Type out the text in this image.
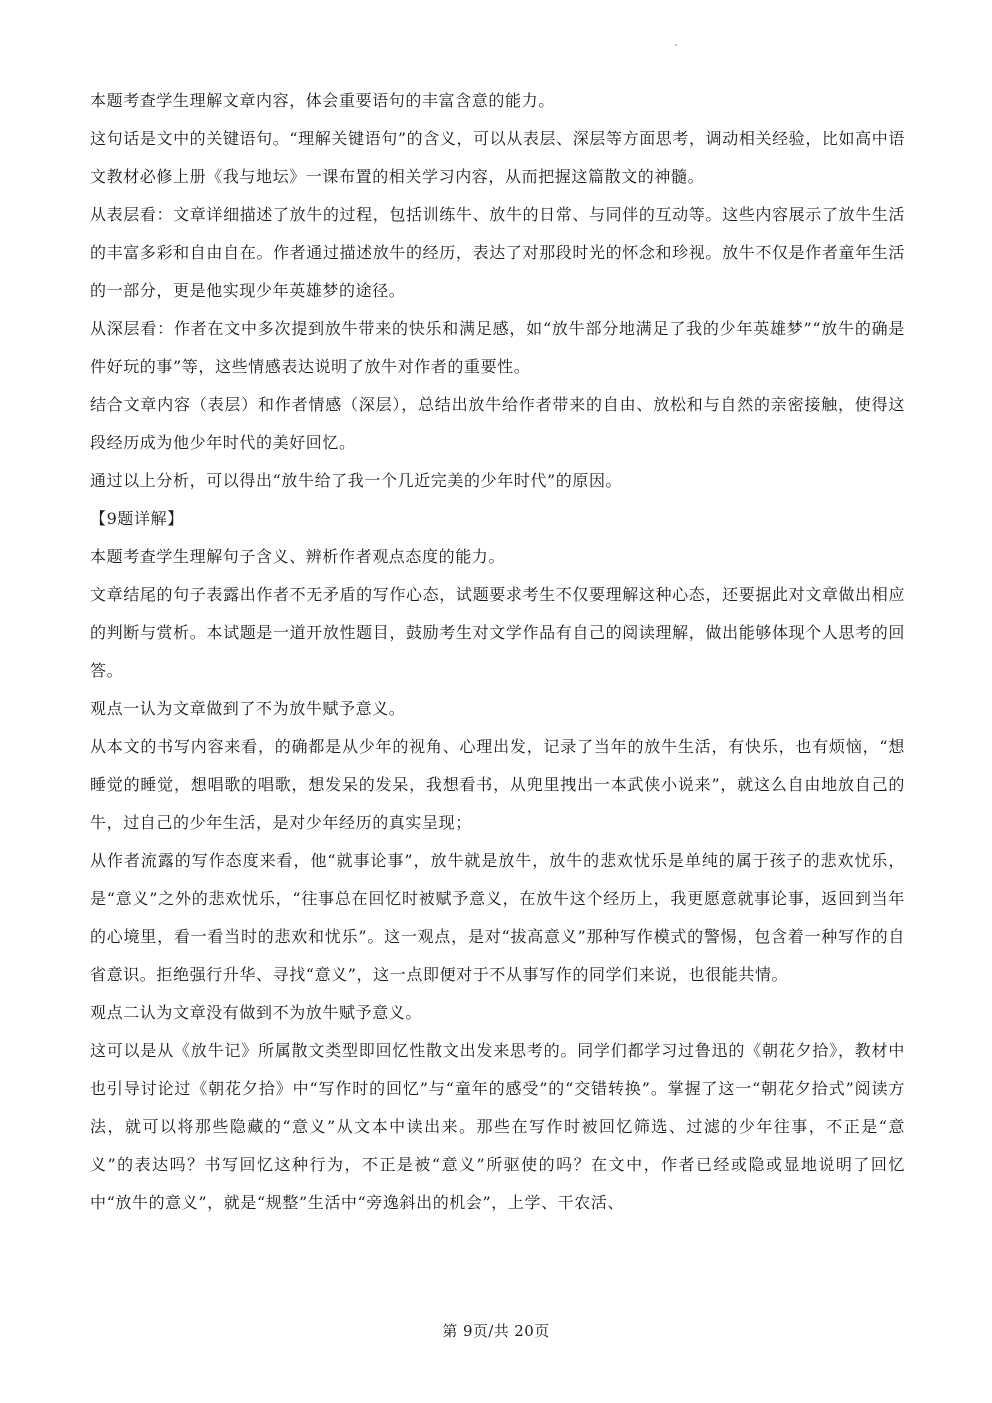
本题考查学生理解文章内容，体会重要语句的丰富含意的能力。

这句话是文中的关键语句。“理解关键语句”的含义，可以从表层、深层等方面思考，调动相关经验，比如高中语文教材必修上册《我与地坛》一课布置的相关学习内容，从而把握这篇散文的神髓。

从表层看：文章详细描述了放牛的过程，包括训练牛、放牛的日常、与同伴的互动等。这些内容展示了放牛生活的丰富多彩和自由自在。作者通过描述放牛的经历，表达了对那段时光的怀念和珍视。放牛不仅是作者童年生活的一部分，更是他实现少年英雄梦的途径。

从深层看：作者在文中多次提到放牛带来的快乐和满足感，如“放牛部分地满足了我的少年英雄梦”“放牛的确是件好玩的事”等，这些情感表达说明了放牛对作者的重要性。

结合文章内容（表层）和作者情感（深层），总结出放牛给作者带来的自由、放松和与自然的亲密接触，使得这段经历成为他少年时代的美好回忆。

通过以上分析，可以得出“放牛给了我一个几近完美的少年时代”的原因。

【9题详解】

本题考查学生理解句子含义、辨析作者观点态度的能力。

文章结尾的句子表露出作者不无矛盾的写作心态，试题要求考生不仅要理解这种心态，还要据此对文章做出相应的判断与赏析。本试题是一道开放性题目，鼓励考生对文学作品有自己的阅读理解，做出能够体现个人思考的回答。

观点一认为文章做到了不为放牛赋予意义。

从本文的书写内容来看，的确都是从少年的视角、心理出发，记录了当年的放牛生活，有快乐，也有烦恼，“想睡觉的睡觉，想唱歌的唱歌，想发呆的发呆，我想看书，从兜里拽出一本武侠小说来”，就这么自由地放自己的牛，过自己的少年生活，是对少年经历的真实呈现；

从作者流露的写作态度来看，他“就事论事”，放牛就是放牛，放牛的悲欢忧乐是单纯的属于孩子的悲欢忧乐，是“意义”之外的悲欢忧乐，“往事总在回忆时被赋予意义，在放牛这个经历上，我更愿意就事论事，返回到当年的心境里，看一看当时的悲欢和忧乐”。这一观点，是对“拔高意义”那种写作模式的警惕，包含着一种写作的自省意识。拒绝强行升华、寻找“意义”，这一点即便对于不从事写作的同学们来说，也很能共情。

观点二认为文章没有做到不为放牛赋予意义。

这可以是从《放牛记》所属散文类型即回忆性散文出发来思考的。同学们都学习过鲁迅的《朝花夕拾》，教材中也引导讨论过《朝花夕拾》中“写作时的回忆”与“童年的感受”的“交错转换”。掌握了这一“朝花夕拾式”阅读方法，就可以将那些隐藏的“意义”从文本中读出来。那些在写作时被回忆筛选、过滤的少年往事，不正是“意义”的表达吗？书写回忆这种行为，不正是被“意义”所驱使的吗？在文中，作者已经或隐或显地说明了回忆中“放牛的意义”，就是“规整”生活中“旁逸斜出的机会”，上学、干农活、

第 9页/共 20页
